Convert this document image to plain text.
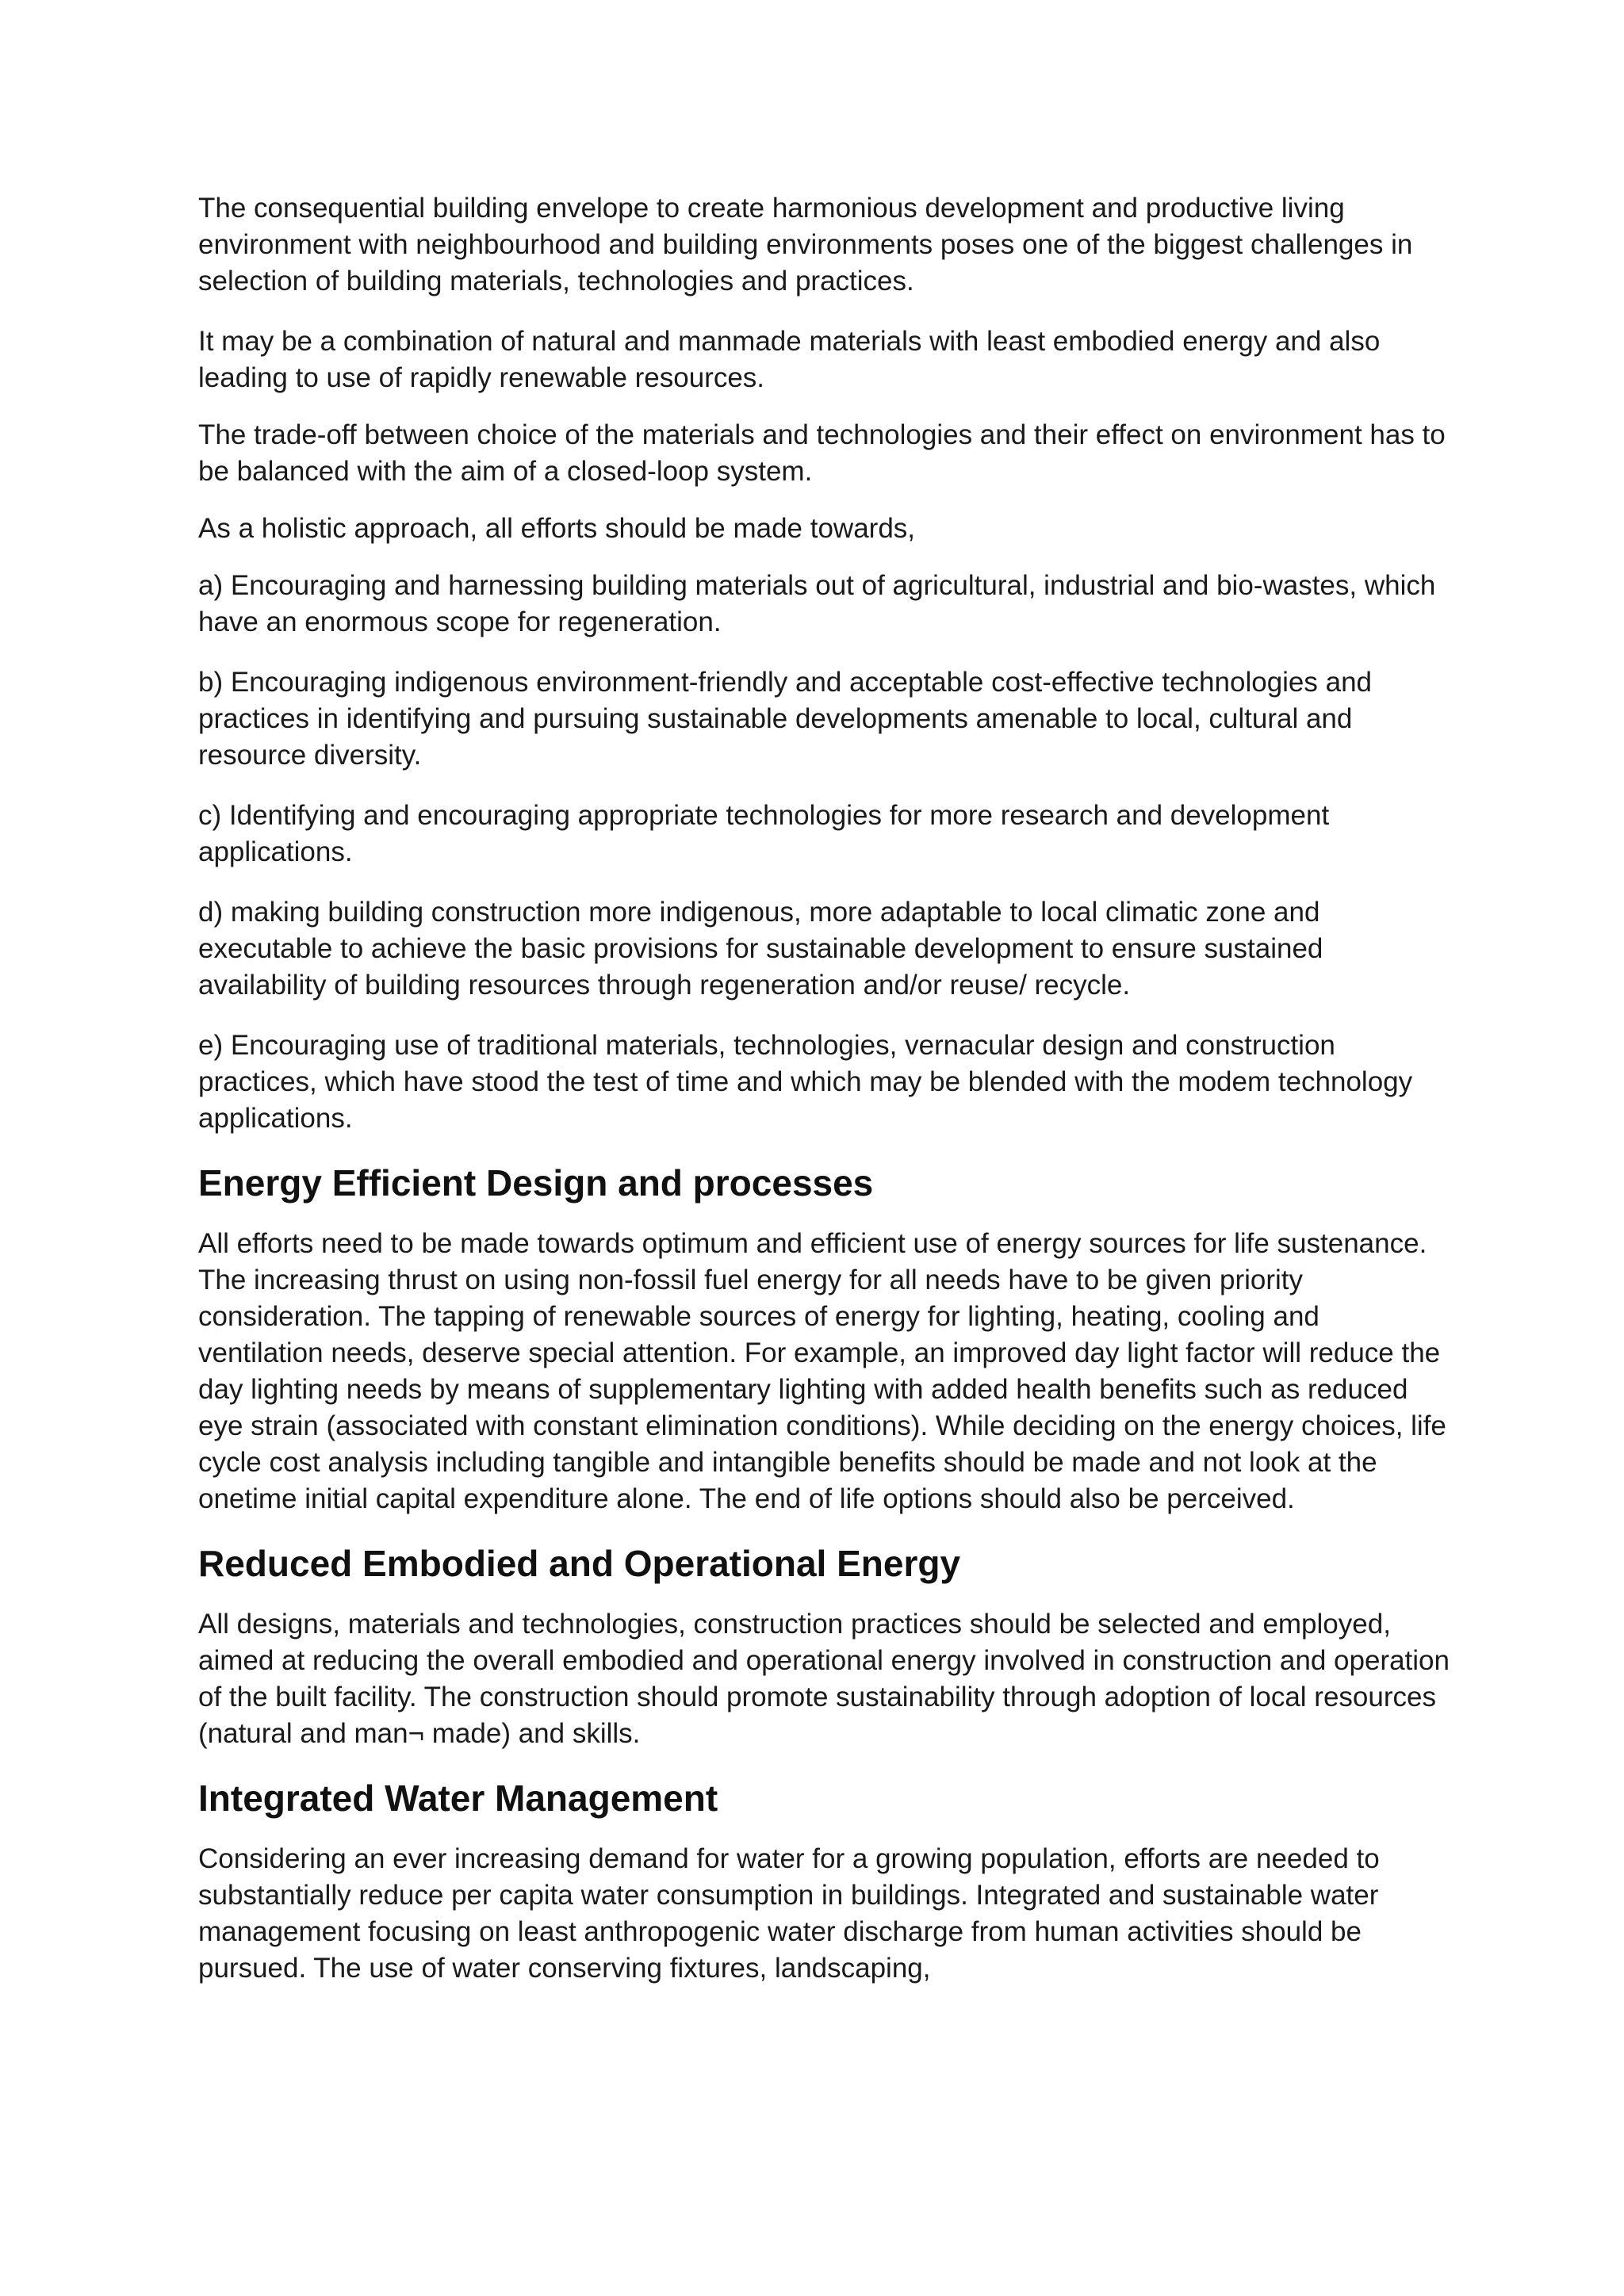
The consequential building envelope to create harmonious development and productive living environment with neighbourhood and building environments poses one of the biggest challenges in selection of building materials, technologies and practices.

It may be a combination of natural and manmade materials with least embodied energy and also leading to use of rapidly renewable resources.

The trade-off between choice of the materials and technologies and their effect on environment has to be balanced with the aim of a closed-loop system.

As a holistic approach, all efforts should be made towards,

a) Encouraging and harnessing building materials out of agricultural, industrial and bio-wastes, which have an enormous scope for regeneration.

b) Encouraging indigenous environment-friendly and acceptable cost-effective technologies and practices in identifying and pursuing sustainable developments amenable to local, cultural and resource diversity.

c) Identifying and encouraging appropriate technologies for more research and development applications.

d) making building construction more indigenous, more adaptable to local climatic zone and executable to achieve the basic provisions for sustainable development to ensure sustained availability of building resources through regeneration and/or reuse/ recycle.

e) Encouraging use of traditional materials, technologies, vernacular design and construction practices, which have stood the test of time and which may be blended with the modem technology applications.

Energy Efficient Design and processes

All efforts need to be made towards optimum and efficient use of energy sources for life sustenance. The increasing thrust on using non-fossil fuel energy for all needs have to be given priority consideration. The tapping of renewable sources of energy for lighting, heating, cooling and ventilation needs, deserve special attention. For example, an improved day light factor will reduce the day lighting needs by means of supplementary lighting with added health benefits such as reduced eye strain (associated with constant elimination conditions). While deciding on the energy choices, life cycle cost analysis including tangible and intangible benefits should be made and not look at the onetime initial capital expenditure alone. The end of life options should also be perceived.

Reduced Embodied and Operational Energy

All designs, materials and technologies, construction practices should be selected and employed, aimed at reducing the overall embodied and operational energy involved in construction and operation of the built facility. The construction should promote sustainability through adoption of local resources (natural and man¬ made) and skills.

Integrated Water Management

Considering an ever increasing demand for water for a growing population, efforts are needed to substantially reduce per capita water consumption in buildings. Integrated and sustainable water management focusing on least anthropogenic water discharge from human activities should be pursued. The use of water conserving fixtures, landscaping,
